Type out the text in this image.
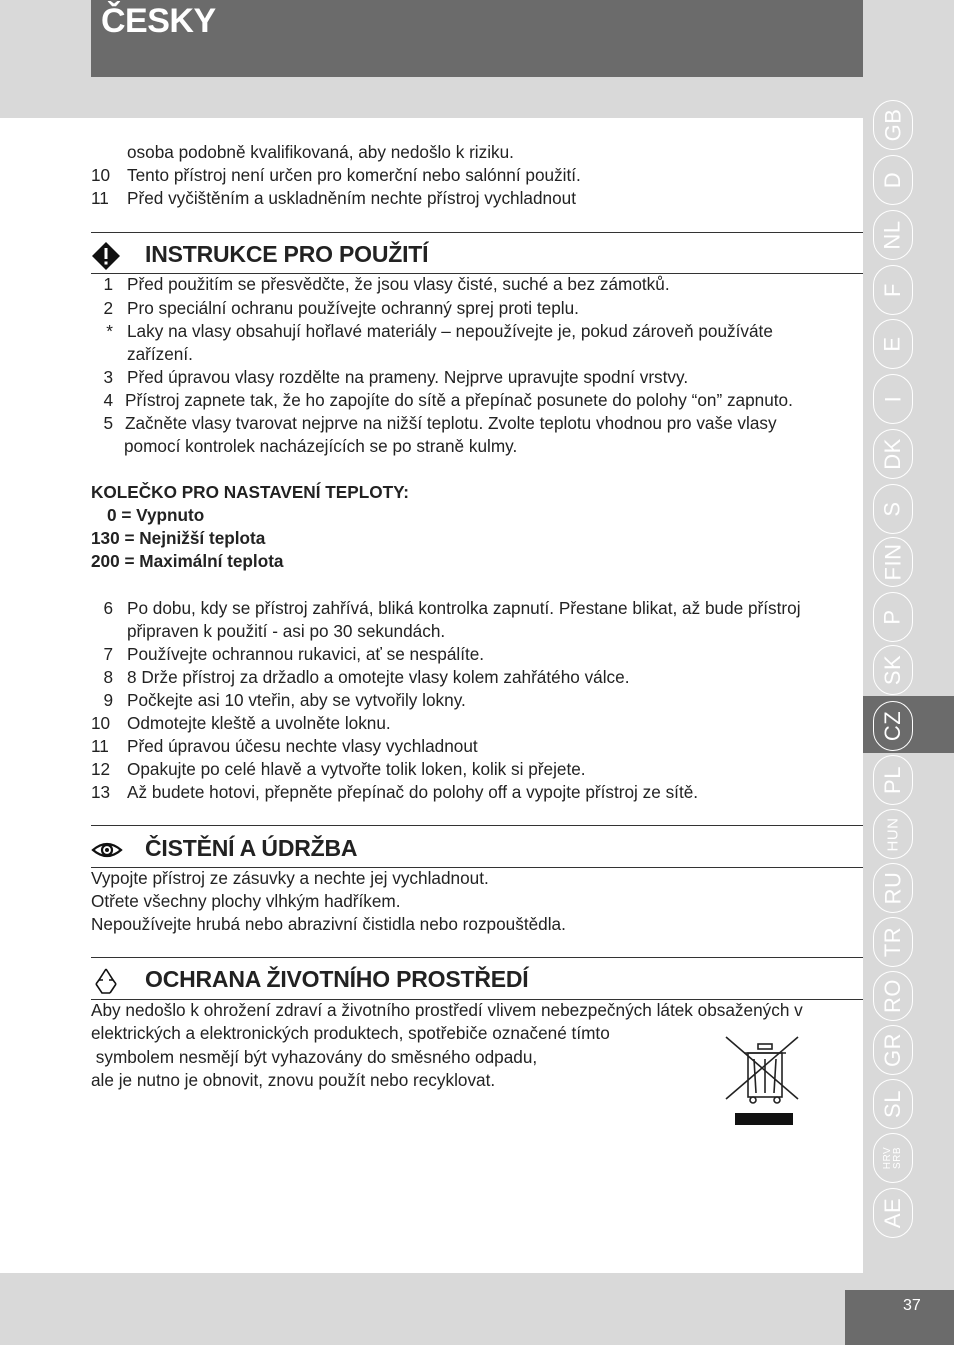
ČESKY
osoba podobně kvalifikovaná, aby nedošlo k riziku.
10 Tento přístroj není určen pro komerční nebo salónní použití.
11	Před vyčištěním a uskladněním nechte přístroj vychladnout
INSTRUKCE PRO POUŽITÍ
1 Před použitím se přesvědčte, že jsou vlasy čisté, suché a bez zámotků.
2 Pro speciální ochranu používejte ochranný sprej proti teplu.
* Laky na vlasy obsahují hořlavé materiály – nepoužívejte je, pokud zároveň používáte
zařízení.
3 Před úpravou vlasy rozdělte na prameny. Nejprve upravujte spodní vrstvy.
4 Přístroj zapnete tak, že ho zapojíte do sítě a přepínač posunete do polohy “on” zapnuto.
5 Začněte vlasy tvarovat nejprve na nižší teplotu. Zvolte teplotu vhodnou pro vaše vlasy
pomocí kontrolek nacházejících se po straně kulmy.
KOLEČKO PRO NASTAVENÍ TEPLOTY:
0 = Vypnuto
130 = Nejnižší teplota
200 = Maximální teplota
6 Po dobu, kdy se přístroj zahřívá, bliká kontrolka zapnutí. Přestane blikat, až bude přístroj
připraven k použití - asi po 30 sekundách.
7 Používejte ochrannou rukavici, ať se nespálíte.
8 8 Drže přístroj za držadlo a omotejte vlasy kolem zahřátého válce.
9 Počkejte asi 10 vteřin, aby se vytvořily lokny.
10 Odmotejte kleště a uvolněte loknu.
11	Před úpravou účesu nechte vlasy vychladnout
12 Opakujte po celé hlavě a vytvořte tolik loken, kolik si přejete.
13 Až budete hotovi, přepněte přepínač do polohy off a vypojte přístroj ze sítě.
ČISTĚNÍ A ÚDRŽBA
Vypojte přístroj ze zásuvky a nechte jej vychladnout.
Otřete všechny plochy vlhkým hadříkem.
Nepoužívejte hrubá nebo abrazivní čistidla nebo rozpouštědla.
OCHRANA ŽIVOTNÍHO PROSTŘEDÍ
Aby nedošlo k ohrožení zdraví a životního prostředí vlivem nebezpečných látek obsažených v
elektrických a elektronických produktech, spotřebiče označené tímto
symbolem nesmějí být vyhazovány do směsného odpadu,
ale je nutno je obnovit, znovu použít nebo recyklovat.
GB
D
NL
F
E
I
DK
S
FIN
P
SK
CZ
PL
HUN
RU
TR
RO
GR
SL
HRV SRB
AE
37
